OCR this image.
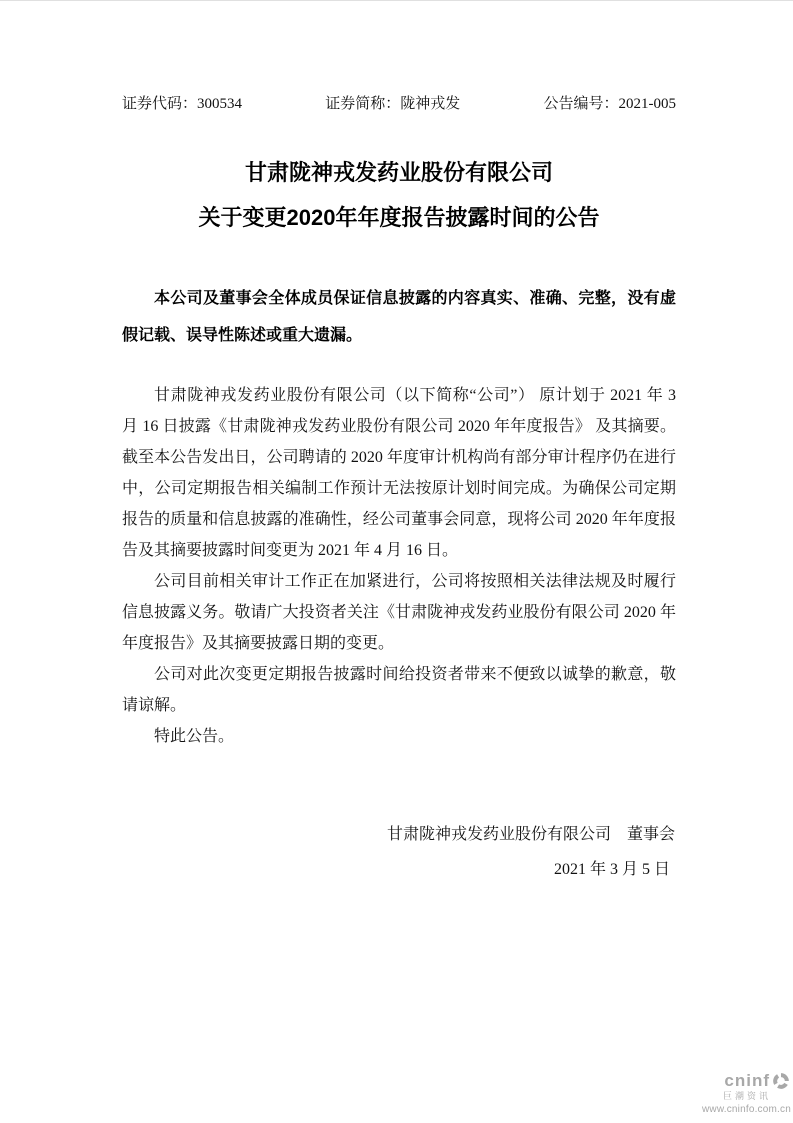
证券代码：300534	证券简称：陇神戎发	公告编号：2021-005
甘肃陇神戎发药业股份有限公司
关于变更2020年年度报告披露时间的公告
本公司及董事会全体成员保证信息披露的内容真实、准确、完整，没有虚假记载、误导性陈述或重大遗漏。

甘肃陇神戎发药业股份有限公司（以下简称“公司”） 原计划于 2021 年 3 月 16 日披露《甘肃陇神戎发药业股份有限公司 2020 年年度报告》 及其摘要。截至本公告发出日，公司聘请的 2020 年度审计机构尚有部分审计程序仍在进行中，公司定期报告相关编制工作预计无法按原计划时间完成。为确保公司定期报告的质量和信息披露的准确性，经公司董事会同意，现将公司 2020 年年度报告及其摘要披露时间变更为 2021 年 4 月 16 日。

公司目前相关审计工作正在加紧进行，公司将按照相关法律法规及时履行信息披露义务。敬请广大投资者关注《甘肃陇神戎发药业股份有限公司 2020 年年度报告》及其摘要披露日期的变更。

公司对此次变更定期报告披露时间给投资者带来不便致以诚挚的歉意，敬请谅解。

特此公告。

甘肃陇神戎发药业股份有限公司　董事会
2021 年 3 月 5 日
cninf
巨潮资讯
www.cninfo.com.cn
